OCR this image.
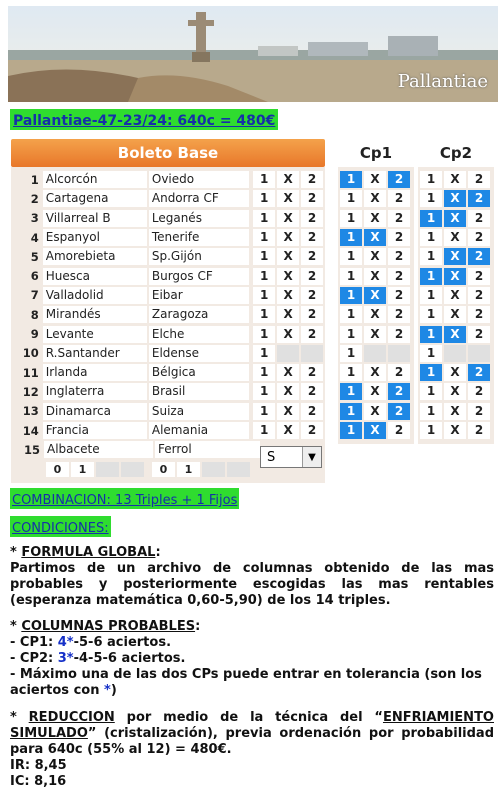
Pallantiae
Pallantiae-47-23/24: 640c = 480€
Boleto Base
1 Alcorcón	Oviedo	1	X	2
2 Cartagena	Andorra CF	1	X	2
3 Villarreal B	Leganés	1	X	2
4 Espanyol	Tenerife	1	X	2
5 Amorebieta	Sp.Gijón	1	X	2
6 Huesca	Burgos CF	1	X	2
7 Valladolid	Eibar	1	X	2
8 Mirandés	Zaragoza	1	X	2
9 Levante	Elche	1	X	2
10 R.Santander	Eldense	1
11 Irlanda	Bélgica	1	X	2
12 Inglaterra	Brasil	1	X	2
13 Dinamarca	Suiza	1	X	2
14 Francia	Alemania	1	X	2
15 Albacete	Ferrol
0	1	0	1
S	▼
Cp1
1	X	2
1	X	2
1	X	2
1	X	2
1	X	2
1	X	2
1	X	2
1	X	2
1	X	2
1
1	X	2
1	X	2
1	X	2
1	X	2
Cp2
1	X	2
1	X	2
1	X	2
1	X	2
1	X	2
1	X	2
1	X	2
1	X	2
1	X	2
1
1	X	2
1	X	2
1	X	2
1	X	2
COMBINACION: 13 Triples + 1 Fijos
CONDICIONES:

* FORMULA GLOBAL:

Partimos de un archivo de columnas obtenido de las mas probables y posteriormente escogidas las mas rentables (esperanza matemática 0,60-5,90) de los 14 triples.

* COLUMNAS PROBABLES:

- CP1: 4*-5-6 aciertos.

- CP2: 3*-4-5-6 aciertos.

- Máximo una de las dos CPs puede entrar en tolerancia (son los aciertos con *)

* REDUCCION por medio de la técnica del “ENFRIAMIENTO SIMULADO” (cristalización), previa ordenación por probabilidad para 640c (55% al 12) = 480€.

IR: 8,45

IC: 8,16
